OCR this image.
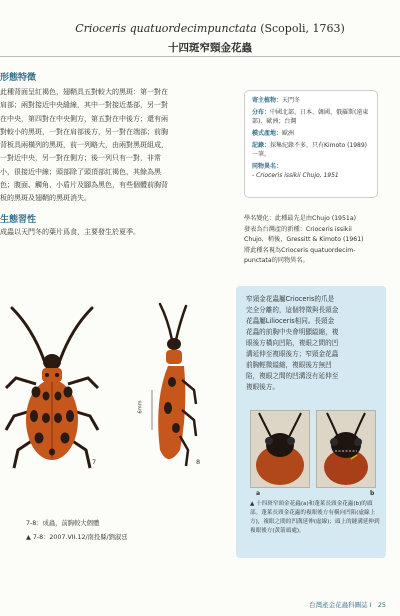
Crioceris quatuordecimpunctata (Scopoli, 1763)
十四斑窄頸金花蟲
形態特徵
此種背面呈紅褐色，翅鞘具五對較大的黑斑：第一對在
肩部；兩對接近中央縫線，其中一對接近基部，另一對
在中央，第四對在中央側方，第五對在中後方；還有兩
對較小的黑斑，一對在肩部後方，另一對在端部；前胸
背板具兩橫列的黑斑，前一列略大，由兩對黑斑組成，
一對近中央，另一對在側方；後一列只有一對，非常
小，很接近中線；頭部除了頭頂部紅褐色，其餘為黑
色；腹面、觸角、小盾片及腳為黑色，有些個體前胸背
板的黑斑及翅鞘的黑斑消失。
生態習性
成蟲以天門冬的葉片爲食，主要發生於夏季。
寄主植物：天門冬
分布：中國北部、日本、韓國、俄羅斯(遠東部)、歐洲；台灣
模式產地：歐洲
記錄：採集紀錄不多，只有Kimoto (1989)一筆。
同物異名：
- Crioceris issikii Chujo, 1951
學名變化：此種最先是由Chujo (1951a)
發表為台灣產的新種：Crioceris issikii
Chujo，稍後，Gressitt & Kimoto (1961)
將此種名視為Crioceris quatuordecim-
punctata的同物異名。
窄頸金花蟲屬Crioceris的爪是
完全分離的，這個特徵與長頸金
花蟲屬Lilioceris相同。長頸金
花蟲的前胸中央會明顯縊縮，複
眼後方橫向凹陷，複眼之間的凹
溝延伸至複眼後方；窄頸金花蟲
前胸輕微縊縮，複眼後方無凹
陷，複眼之間的凹溝沒有延伸至
複眼後方。
a	b
▲ 十四斑窄頸金花蟲(a)和蓬萊長頸金花蟲(b)的頭部。蓬萊長頸金花蟲的複眼後方有橫向凹陷(虛線上方)，複眼之間的凹溝延伸(虛線)；頭上的縫溝延伸到複眼後方(黃箭頭處)。
7
6mm
8
7-8：成蟲，前胸較大個體
▲ 7-8：2007.VII.12/南投縣/劉淑廷
台灣產金花蟲科圖誌 I 25
